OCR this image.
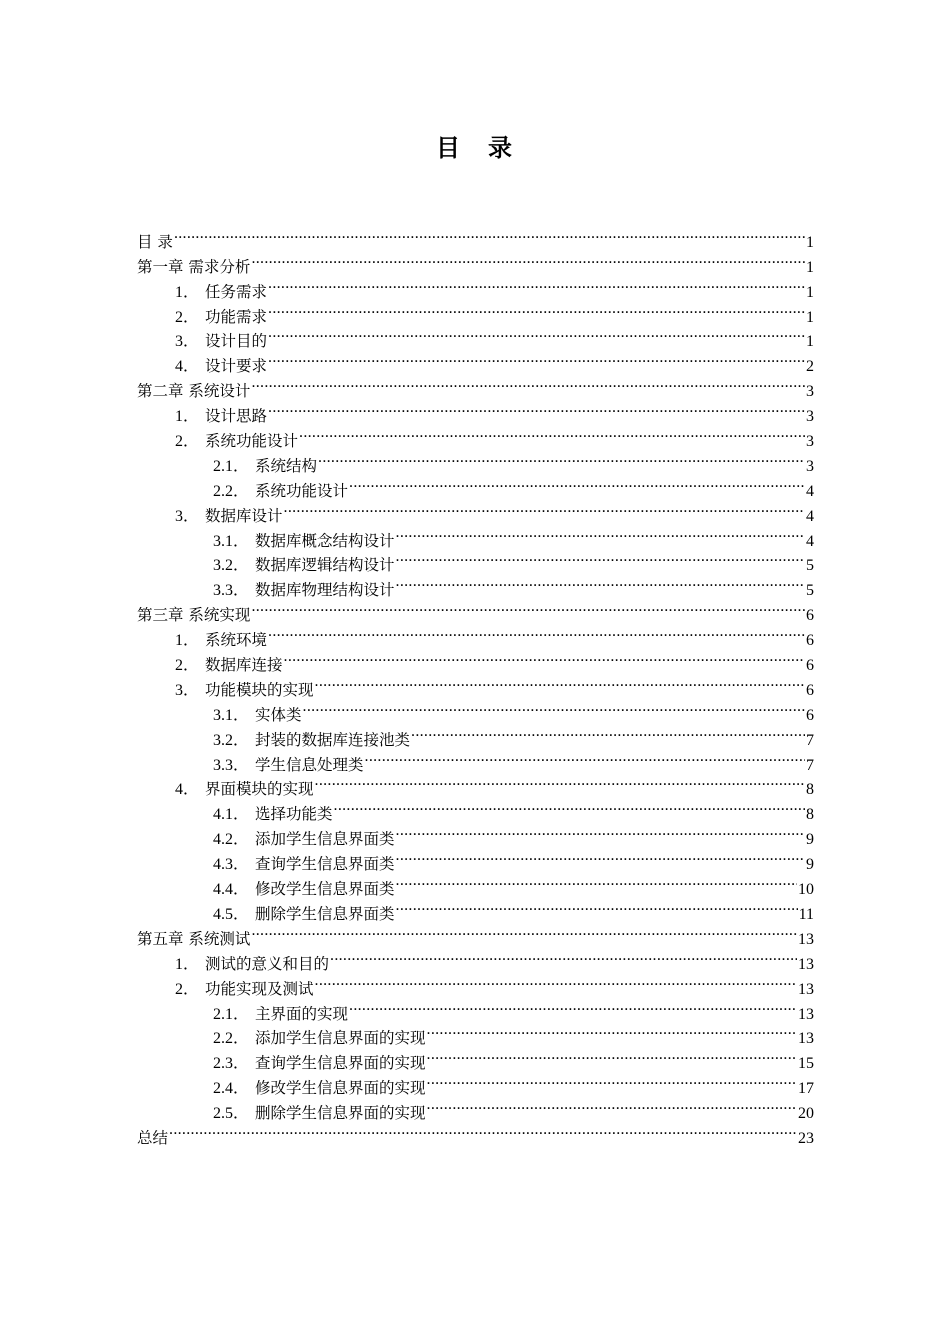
目　录
目 录 .....	1
第一章 需求分析 .....	1
1． 任务需求 .....	1
2． 功能需求 .....	1
3． 设计目的 .....	1
4． 设计要求 .....	2
第二章 系统设计 .....	3
1． 设计思路 .....	3
2． 系统功能设计 .....	3
2.1． 系统结构 .....	3
2.2． 系统功能设计 .....	4
3． 数据库设计 .....	4
3.1． 数据库概念结构设计 .....	4
3.2． 数据库逻辑结构设计 .....	5
3.3． 数据库物理结构设计 .....	5
第三章 系统实现 .....	6
1． 系统环境 .....	6
2． 数据库连接 .....	6
3． 功能模块的实现 .....	6
3.1． 实体类 .....	6
3.2． 封装的数据库连接池类 .....	7
3.3． 学生信息处理类 .....	7
4． 界面模块的实现 .....	8
4.1． 选择功能类 .....	8
4.2． 添加学生信息界面类 .....	9
4.3． 查询学生信息界面类 .....	9
4.4． 修改学生信息界面类 .....	10
4.5． 删除学生信息界面类 .....	11
第五章 系统测试 .....	13
1． 测试的意义和目的 .....	13
2． 功能实现及测试 .....	13
2.1． 主界面的实现 .....	13
2.2． 添加学生信息界面的实现 .....	13
2.3． 查询学生信息界面的实现 .....	15
2.4． 修改学生信息界面的实现 .....	17
2.5． 删除学生信息界面的实现 .....	20
总结 .....	23
